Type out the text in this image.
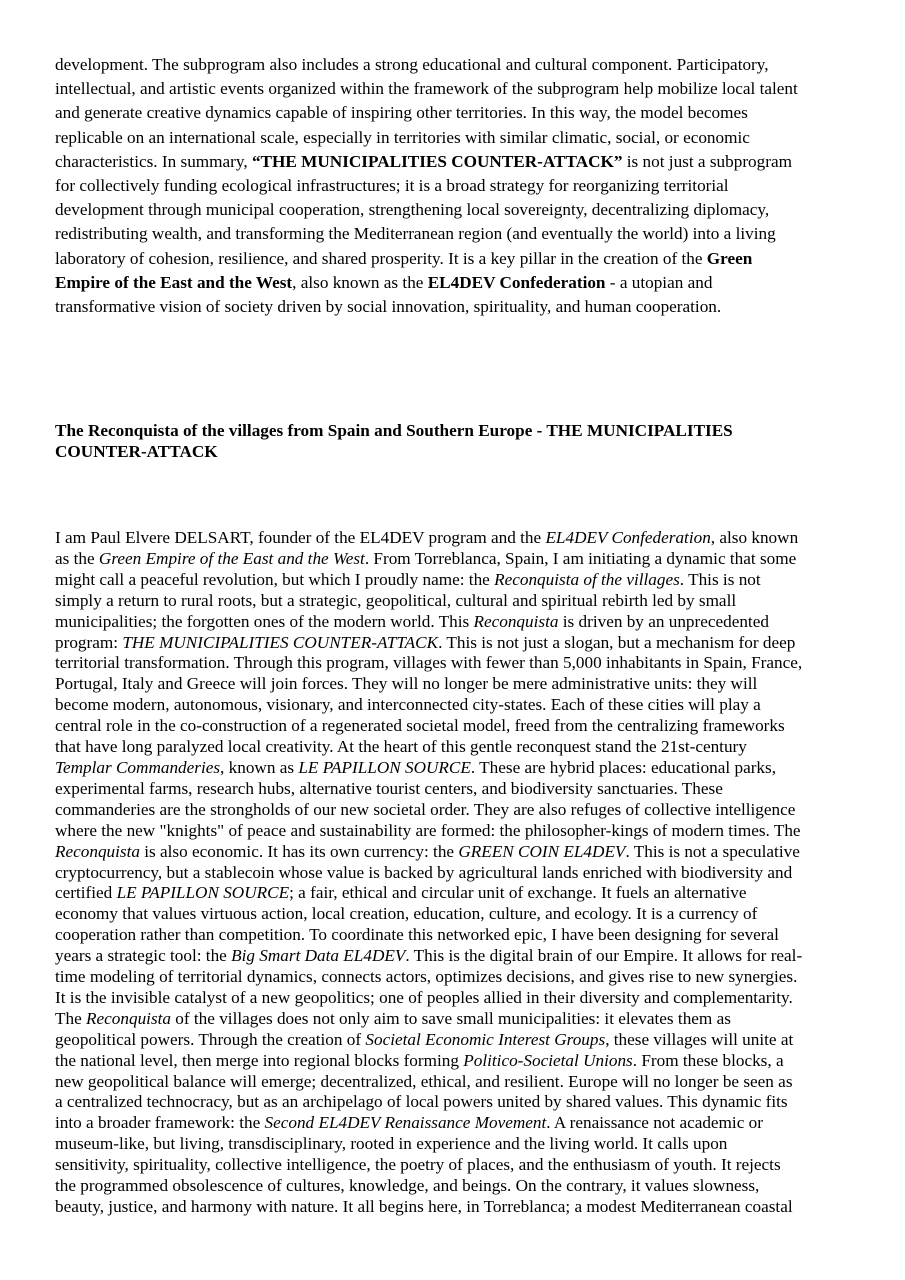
development. The subprogram also includes a strong educational and cultural component. Participatory,
intellectual, and artistic events organized within the framework of the subprogram help mobilize local talent
and generate creative dynamics capable of inspiring other territories. In this way, the model becomes
replicable on an international scale, especially in territories with similar climatic, social, or economic
characteristics. In summary, “THE MUNICIPALITIES COUNTER-ATTACK” is not just a subprogram
for collectively funding ecological infrastructures; it is a broad strategy for reorganizing territorial
development through municipal cooperation, strengthening local sovereignty, decentralizing diplomacy,
redistributing wealth, and transforming the Mediterranean region (and eventually the world) into a living
laboratory of cohesion, resilience, and shared prosperity. It is a key pillar in the creation of the Green
Empire of the East and the West, also known as the EL4DEV Confederation - a utopian and
transformative vision of society driven by social innovation, spirituality, and human cooperation.

The Reconquista of the villages from Spain and Southern Europe - THE MUNICIPALITIES
COUNTER-ATTACK

I am Paul Elvere DELSART, founder of the EL4DEV program and the EL4DEV Confederation, also known
as the Green Empire of the East and the West. From Torreblanca, Spain, I am initiating a dynamic that some
might call a peaceful revolution, but which I proudly name: the Reconquista of the villages. This is not
simply a return to rural roots, but a strategic, geopolitical, cultural and spiritual rebirth led by small
municipalities; the forgotten ones of the modern world. This Reconquista is driven by an unprecedented
program: THE MUNICIPALITIES COUNTER-ATTACK. This is not just a slogan, but a mechanism for deep
territorial transformation. Through this program, villages with fewer than 5,000 inhabitants in Spain, France,
Portugal, Italy and Greece will join forces. They will no longer be mere administrative units: they will
become modern, autonomous, visionary, and interconnected city-states. Each of these cities will play a
central role in the co-construction of a regenerated societal model, freed from the centralizing frameworks
that have long paralyzed local creativity. At the heart of this gentle reconquest stand the 21st-century
Templar Commanderies, known as LE PAPILLON SOURCE. These are hybrid places: educational parks,
experimental farms, research hubs, alternative tourist centers, and biodiversity sanctuaries. These
commanderies are the strongholds of our new societal order. They are also refuges of collective intelligence
where the new "knights" of peace and sustainability are formed: the philosopher-kings of modern times. The
Reconquista is also economic. It has its own currency: the GREEN COIN EL4DEV. This is not a speculative
cryptocurrency, but a stablecoin whose value is backed by agricultural lands enriched with biodiversity and
certified LE PAPILLON SOURCE; a fair, ethical and circular unit of exchange. It fuels an alternative
economy that values virtuous action, local creation, education, culture, and ecology. It is a currency of
cooperation rather than competition. To coordinate this networked epic, I have been designing for several
years a strategic tool: the Big Smart Data EL4DEV. This is the digital brain of our Empire. It allows for real-
time modeling of territorial dynamics, connects actors, optimizes decisions, and gives rise to new synergies.
It is the invisible catalyst of a new geopolitics; one of peoples allied in their diversity and complementarity.
The Reconquista of the villages does not only aim to save small municipalities: it elevates them as
geopolitical powers. Through the creation of Societal Economic Interest Groups, these villages will unite at
the national level, then merge into regional blocks forming Politico-Societal Unions. From these blocks, a
new geopolitical balance will emerge; decentralized, ethical, and resilient. Europe will no longer be seen as
a centralized technocracy, but as an archipelago of local powers united by shared values. This dynamic fits
into a broader framework: the Second EL4DEV Renaissance Movement. A renaissance not academic or
museum-like, but living, transdisciplinary, rooted in experience and the living world. It calls upon
sensitivity, spirituality, collective intelligence, the poetry of places, and the enthusiasm of youth. It rejects
the programmed obsolescence of cultures, knowledge, and beings. On the contrary, it values slowness,
beauty, justice, and harmony with nature. It all begins here, in Torreblanca; a modest Mediterranean coastal
